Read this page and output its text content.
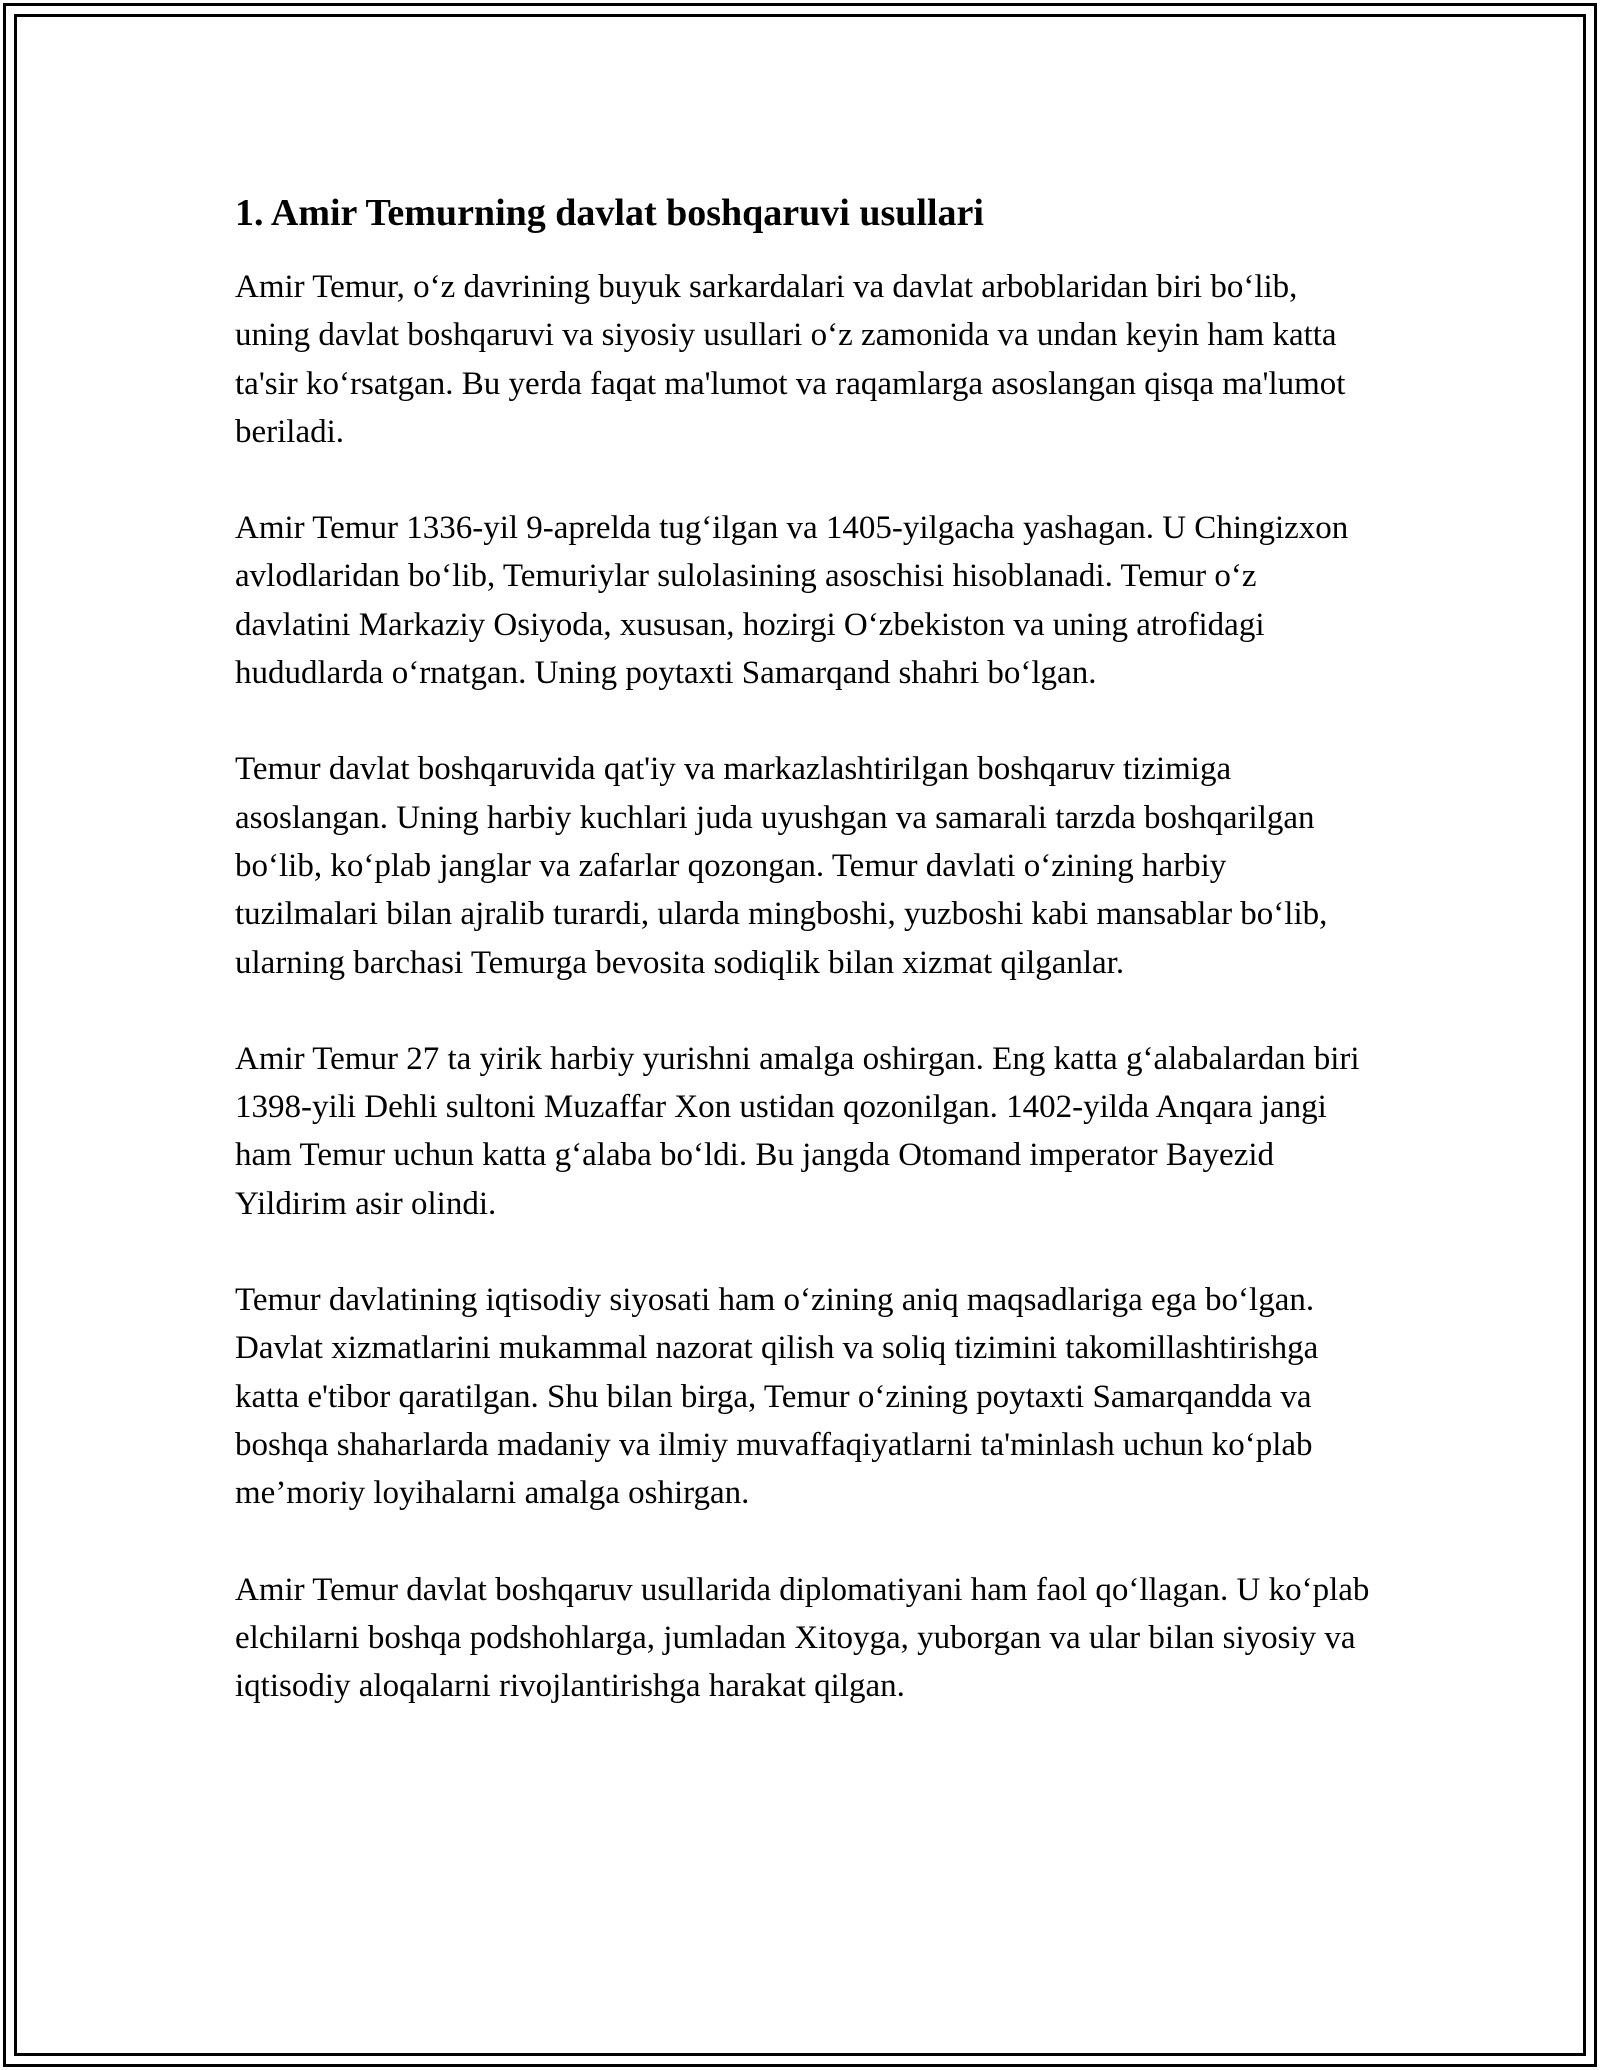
1. Amir Temurning davlat boshqaruvi usullari

Amir Temur, o‘z davrining buyuk sarkardalari va davlat arboblaridan biri bo‘lib, uning davlat boshqaruvi va siyosiy usullari o‘z zamonida va undan keyin ham katta ta'sir ko‘rsatgan. Bu yerda faqat ma'lumot va raqamlarga asoslangan qisqa ma'lumot beriladi.

Amir Temur 1336-yil 9-aprelda tug‘ilgan va 1405-yilgacha yashagan. U Chingizxon avlodlaridan bo‘lib, Temuriylar sulolasining asoschisi hisoblanadi. Temur o‘z davlatini Markaziy Osiyoda, xususan, hozirgi O‘zbekiston va uning atrofidagi hududlarda o‘rnatgan. Uning poytaxti Samarqand shahri bo‘lgan.

Temur davlat boshqaruvida qat'iy va markazlashtirilgan boshqaruv tizimiga asoslangan. Uning harbiy kuchlari juda uyushgan va samarali tarzda boshqarilgan bo‘lib, ko‘plab janglar va zafarlar qozongan. Temur davlati o‘zining harbiy tuzilmalari bilan ajralib turardi, ularda mingboshi, yuzboshi kabi mansablar bo‘lib, ularning barchasi Temurga bevosita sodiqlik bilan xizmat qilganlar.

Amir Temur 27 ta yirik harbiy yurishni amalga oshirgan. Eng katta g‘alabalardan biri 1398-yili Dehli sultoni Muzaffar Xon ustidan qozonilgan. 1402-yilda Anqara jangi ham Temur uchun katta g‘alaba bo‘ldi. Bu jangda Otomand imperator Bayezid Yildirim asir olindi.

Temur davlatining iqtisodiy siyosati ham o‘zining aniq maqsadlariga ega bo‘lgan. Davlat xizmatlarini mukammal nazorat qilish va soliq tizimini takomillashtirishga katta e'tibor qaratilgan. Shu bilan birga, Temur o‘zining poytaxti Samarqandda va boshqa shaharlarda madaniy va ilmiy muvaffaqiyatlarni ta'minlash uchun ko‘plab me’moriy loyihalarni amalga oshirgan.

Amir Temur davlat boshqaruv usullarida diplomatiyani ham faol qo‘llagan. U ko‘plab elchilarni boshqa podshohlarga, jumladan Xitoyga, yuborgan va ular bilan siyosiy va iqtisodiy aloqalarni rivojlantirishga harakat qilgan.
